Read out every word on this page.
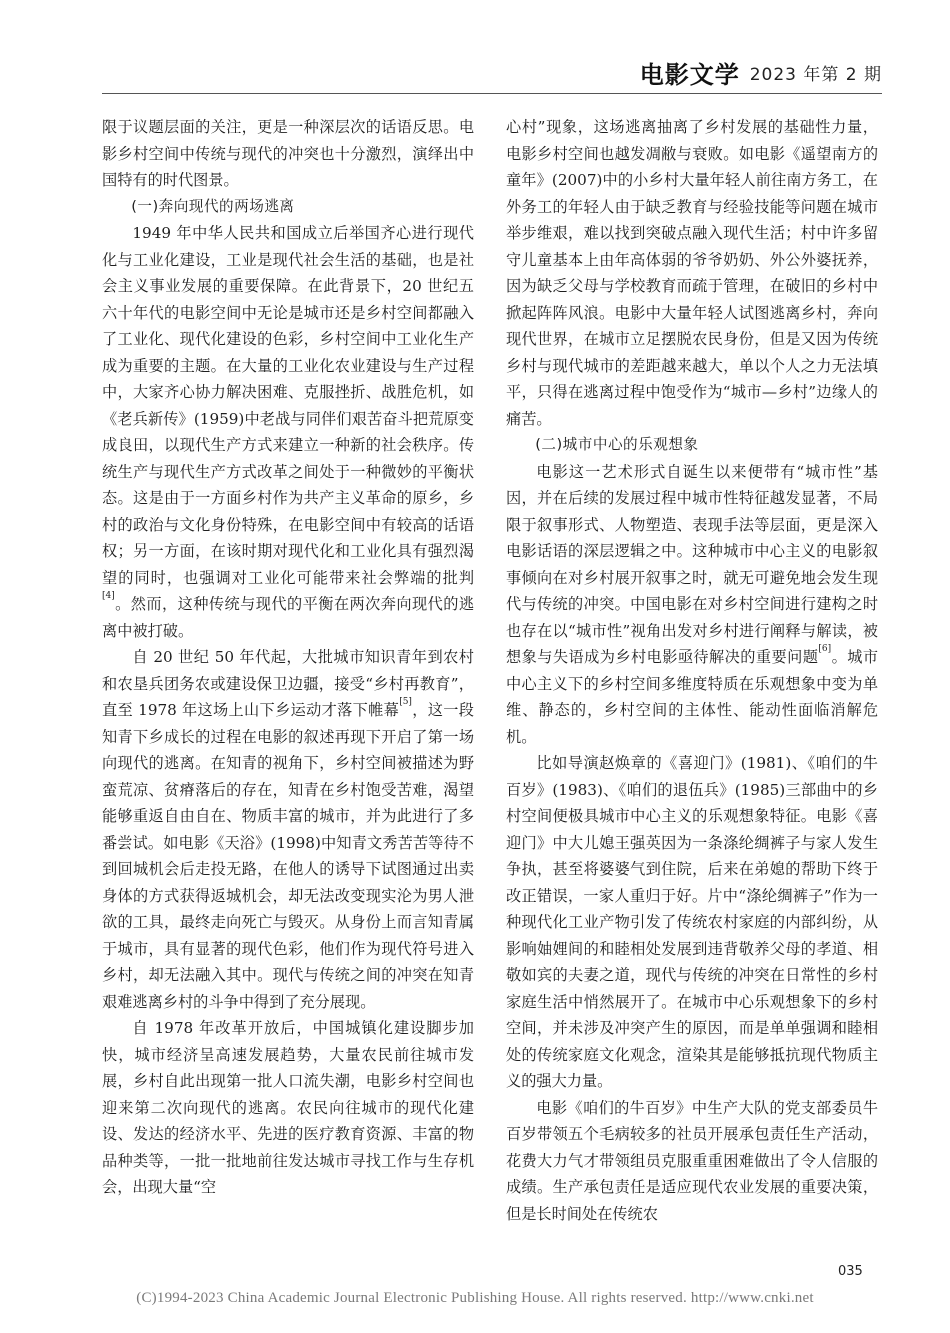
电影文学 2023 年第 2 期

限于议题层面的关注，更是一种深层次的话语反思。电影乡村空间中传统与现代的冲突也十分激烈，演绎出中国特有的时代图景。

(一)奔向现代的两场逃离

1949 年中华人民共和国成立后举国齐心进行现代化与工业化建设，工业是现代社会生活的基础，也是社会主义事业发展的重要保障。在此背景下，20 世纪五六十年代的电影空间中无论是城市还是乡村空间都融入了工业化、现代化建设的色彩，乡村空间中工业化生产成为重要的主题。在大量的工业化农业建设与生产过程中，大家齐心协力解决困难、克服挫折、战胜危机，如《老兵新传》(1959)中老战与同伴们艰苦奋斗把荒原变成良田，以现代生产方式来建立一种新的社会秩序。传统生产与现代生产方式改革之间处于一种微妙的平衡状态。这是由于一方面乡村作为共产主义革命的原乡，乡村的政治与文化身份特殊，在电影空间中有较高的话语权；另一方面，在该时期对现代化和工业化具有强烈渴望的同时，也强调对工业化可能带来社会弊端的批判[4]。然而，这种传统与现代的平衡在两次奔向现代的逃离中被打破。

自 20 世纪 50 年代起，大批城市知识青年到农村和农垦兵团务农或建设保卫边疆，接受“乡村再教育”，直至 1978 年这场上山下乡运动才落下帷幕[5]，这一段知青下乡成长的过程在电影的叙述再现下开启了第一场向现代的逃离。在知青的视角下，乡村空间被描述为野蛮荒凉、贫瘠落后的存在，知青在乡村饱受苦难，渴望能够重返自由自在、物质丰富的城市，并为此进行了多番尝试。如电影《天浴》(1998)中知青文秀苦苦等待不到回城机会后走投无路，在他人的诱导下试图通过出卖身体的方式获得返城机会，却无法改变现实沦为男人泄欲的工具，最终走向死亡与毁灭。从身份上而言知青属于城市，具有显著的现代色彩，他们作为现代符号进入乡村，却无法融入其中。现代与传统之间的冲突在知青艰难逃离乡村的斗争中得到了充分展现。

自 1978 年改革开放后，中国城镇化建设脚步加快，城市经济呈高速发展趋势，大量农民前往城市发展，乡村自此出现第一批人口流失潮，电影乡村空间也迎来第二次向现代的逃离。农民向往城市的现代化建设、发达的经济水平、先进的医疗教育资源、丰富的物品种类等，一批一批地前往发达城市寻找工作与生存机会，出现大量“空

心村”现象，这场逃离抽离了乡村发展的基础性力量，电影乡村空间也越发凋敝与衰败。如电影《遥望南方的童年》(2007)中的小乡村大量年轻人前往南方务工，在外务工的年轻人由于缺乏教育与经验技能等问题在城市举步维艰，难以找到突破点融入现代生活；村中许多留守儿童基本上由年高体弱的爷爷奶奶、外公外婆抚养，因为缺乏父母与学校教育而疏于管理，在破旧的乡村中掀起阵阵风浪。电影中大量年轻人试图逃离乡村，奔向现代世界，在城市立足摆脱农民身份，但是又因为传统乡村与现代城市的差距越来越大，单以个人之力无法填平，只得在逃离过程中饱受作为“城市—乡村”边缘人的痛苦。

(二)城市中心的乐观想象

电影这一艺术形式自诞生以来便带有“城市性”基因，并在后续的发展过程中城市性特征越发显著，不局限于叙事形式、人物塑造、表现手法等层面，更是深入电影话语的深层逻辑之中。这种城市中心主义的电影叙事倾向在对乡村展开叙事之时，就无可避免地会发生现代与传统的冲突。中国电影在对乡村空间进行建构之时也存在以“城市性”视角出发对乡村进行阐释与解读，被想象与失语成为乡村电影亟待解决的重要问题[6]。城市中心主义下的乡村空间多维度特质在乐观想象中变为单维、静态的，乡村空间的主体性、能动性面临消解危机。

比如导演赵焕章的《喜迎门》(1981)、《咱们的牛百岁》(1983)、《咱们的退伍兵》(1985)三部曲中的乡村空间便极具城市中心主义的乐观想象特征。电影《喜迎门》中大儿媳王强英因为一条涤纶绸裤子与家人发生争执，甚至将婆婆气到住院，后来在弟媳的帮助下终于改正错误，一家人重归于好。片中“涤纶绸裤子”作为一种现代化工业产物引发了传统农村家庭的内部纠纷，从影响妯娌间的和睦相处发展到违背敬养父母的孝道、相敬如宾的夫妻之道，现代与传统的冲突在日常性的乡村家庭生活中悄然展开了。在城市中心乐观想象下的乡村空间，并未涉及冲突产生的原因，而是单单强调和睦相处的传统家庭文化观念，渲染其是能够抵抗现代物质主义的强大力量。

电影《咱们的牛百岁》中生产大队的党支部委员牛百岁带领五个毛病较多的社员开展承包责任生产活动，花费大力气才带领组员克服重重困难做出了令人信服的成绩。生产承包责任是适应现代农业发展的重要决策，但是长时间处在传统农

035
(C)1994-2023 China Academic Journal Electronic Publishing House. All rights reserved. http://www.cnki.net
